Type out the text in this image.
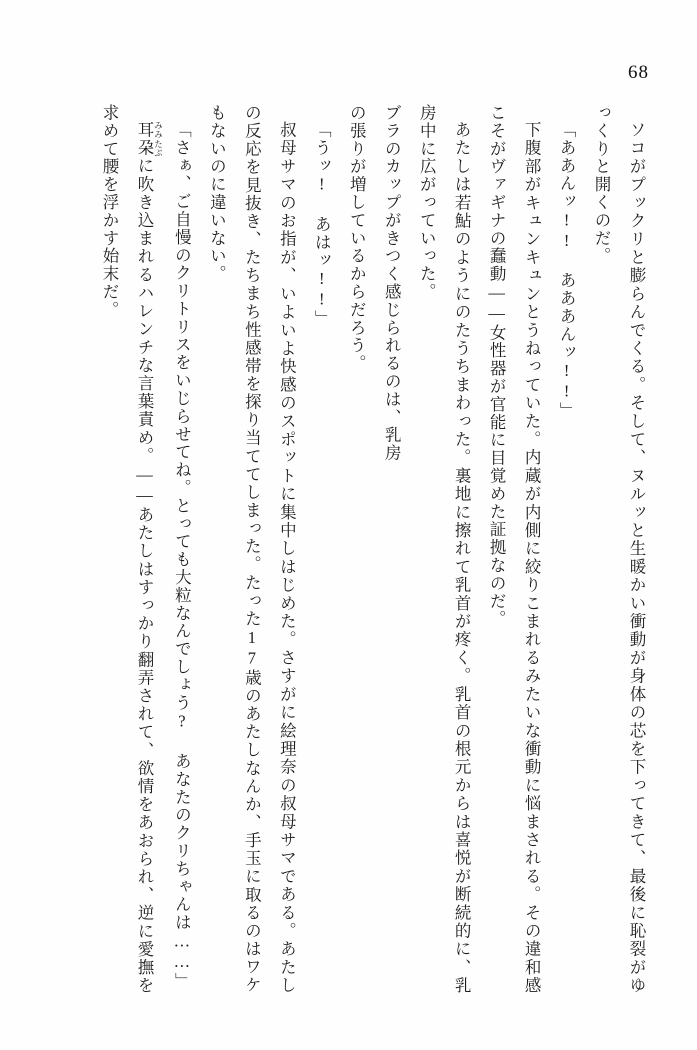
68

ソコがプックリと膨らんでくる。そして、ヌルッと生暖かい衝動が身体の芯を下ってきて、最後に恥裂がゆっくりと開くのだ。

「ああんッ!! あああんッ!!」

下腹部がキュンキュンとうねっていた。内蔵が内側に絞りこまれるみたいな衝動に悩まされる。その違和感こそがヴァギナの蠢動——女性器が官能に目覚めた証拠なのだ。

あたしは若鮎のようにのたうちまわった。裏地に擦れて乳首が疼く。乳首の根元からは喜悦が断続的に、乳房中に広がっていった。

ブラのカップがきつく感じられるのは、乳房

の張りが増しているからだろう。

「うッ! あはッ!!」

叔母サマのお指が、いよいよ快感のスポットに集中しはじめた。さすがに絵理奈の叔母サマである。あたしの反応を見抜き、たちまち性感帯を探り当ててしまった。たった17歳のあたしなんか、手玉に取るのはワケもないのに違いない。

「さぁ、ご自慢のクリトリスをいじらせてね。とっても大粒なんでしょう? あなたのクリちゃんは……」

耳朶 みみたぶに吹き込まれるハレンチな言葉責め。——あたしはすっかり翻弄されて、欲情をあおられ、逆に愛撫を求めて腰を浮かす始末だ。
